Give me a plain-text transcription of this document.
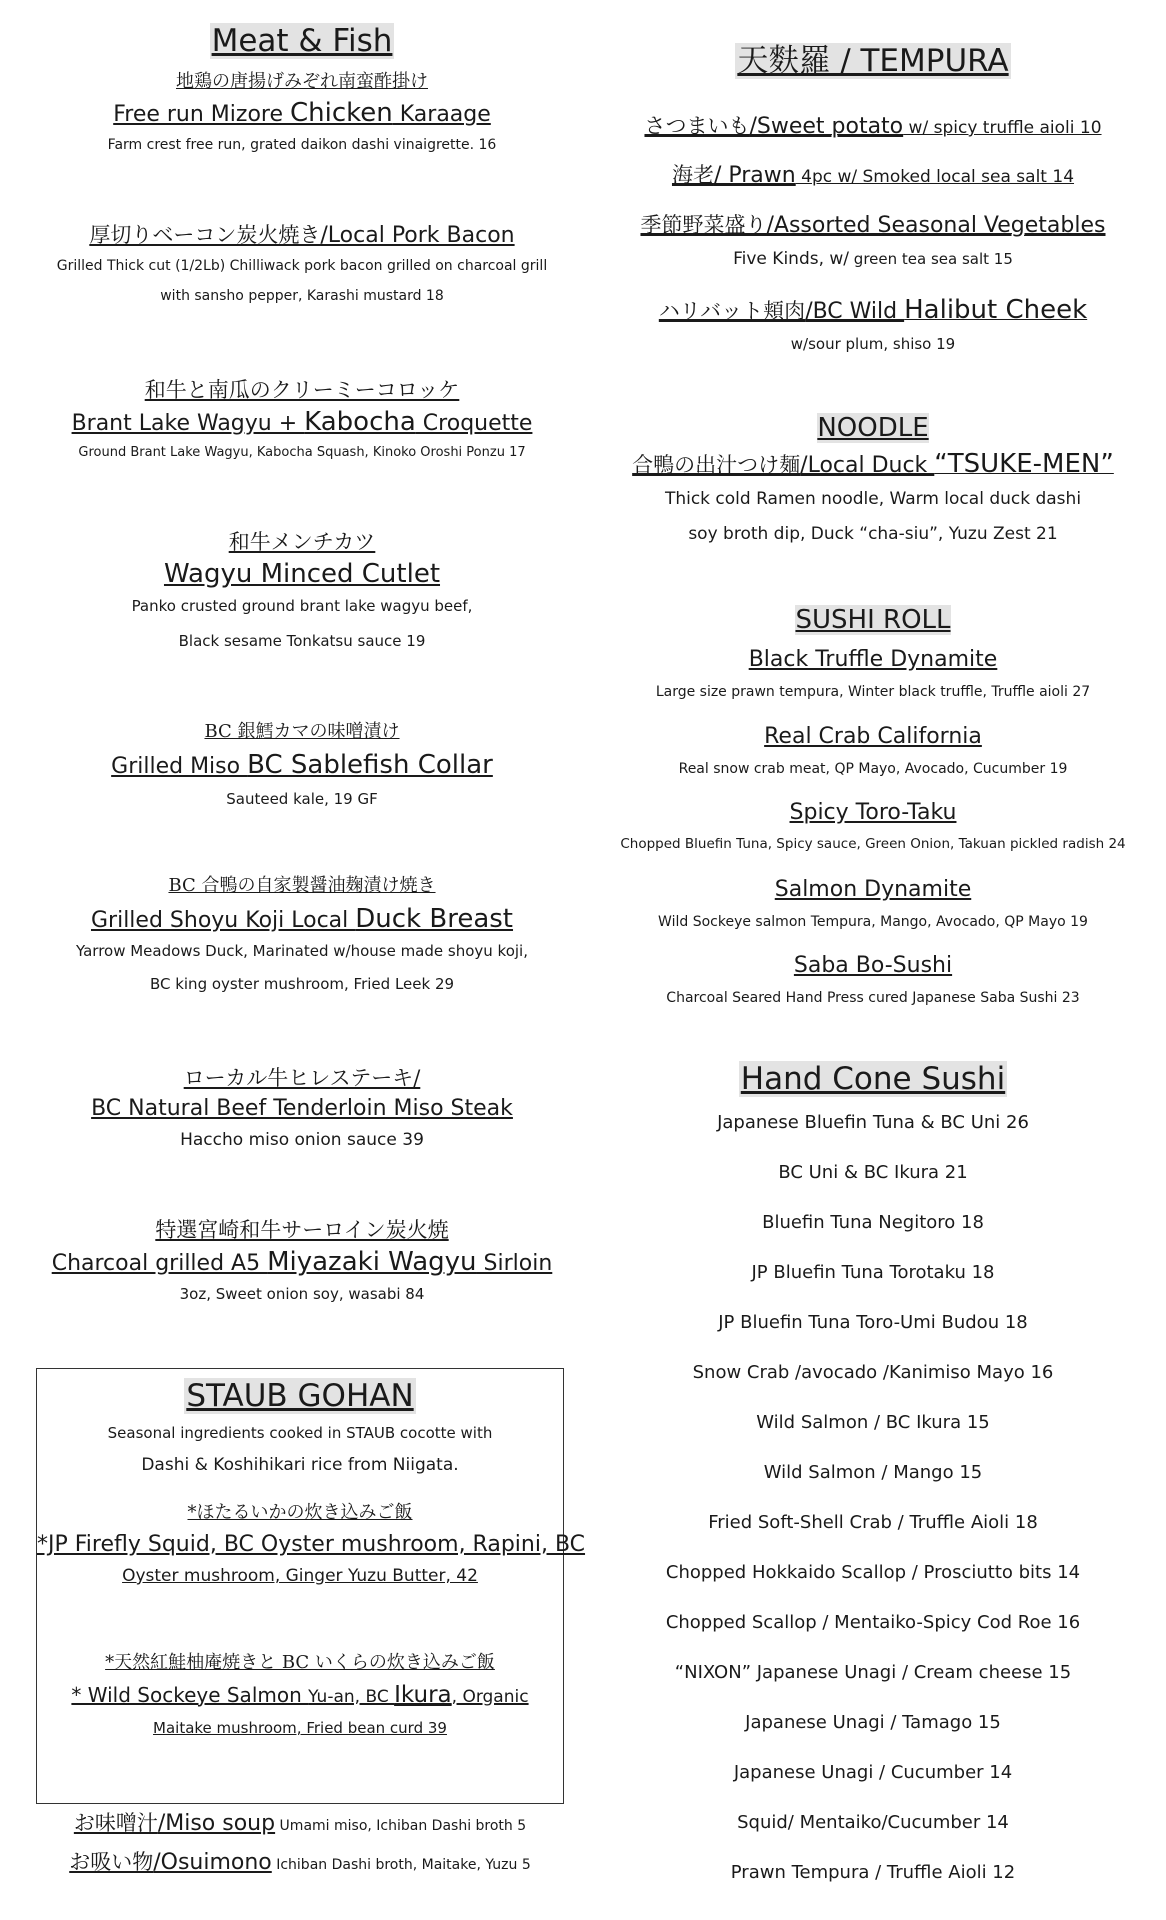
Meat & Fish
地鶏の唐揚げみぞれ南蛮酢掛け
Free run Mizore Chicken Karaage
Farm crest free run, grated daikon dashi vinaigrette. 16
厚切りベーコン炭火焼き/Local Pork Bacon
Grilled Thick cut (1/2Lb) Chilliwack pork bacon grilled on charcoal grill
with sansho pepper, Karashi mustard 18
和牛と南瓜のクリーミーコロッケ
Brant Lake Wagyu + Kabocha Croquette
Ground Brant Lake Wagyu, Kabocha Squash, Kinoko Oroshi Ponzu 17
和牛メンチカツ
Wagyu Minced Cutlet
Panko crusted ground brant lake wagyu beef,
Black sesame Tonkatsu sauce 19
BC 銀鱈カマの味噌漬け
Grilled Miso BC Sablefish Collar
Sauteed kale, 19 GF
BC 合鴨の自家製醤油麹漬け焼き
Grilled Shoyu Koji Local Duck Breast
Yarrow Meadows Duck, Marinated w/house made shoyu koji,
BC king oyster mushroom, Fried Leek 29
ローカル牛ヒレステーキ/
BC Natural Beef Tenderloin Miso Steak
Haccho miso onion sauce 39
特選宮崎和牛サーロイン炭火焼
Charcoal grilled A5 Miyazaki Wagyu Sirloin
3oz, Sweet onion soy, wasabi 84
STAUB GOHAN
Seasonal ingredients cooked in STAUB cocotte with
Dashi & Koshihikari rice from Niigata.
*ほたるいかの炊き込みご飯
*JP Firefly Squid, BC Oyster mushroom, Rapini, BC
Oyster mushroom, Ginger Yuzu Butter, 42
*天然紅鮭柚庵焼きと BC いくらの炊き込みご飯
* Wild Sockeye Salmon Yu-an, BC Ikura, Organic
Maitake mushroom, Fried bean curd 39
お味噌汁/Miso soup Umami miso, Ichiban Dashi broth 5
お吸い物/Osuimono Ichiban Dashi broth, Maitake, Yuzu 5
天麩羅 / TEMPURA
さつまいも/Sweet potato w/ spicy truffle aioli 10
海老/ Prawn 4pc w/ Smoked local sea salt 14
季節野菜盛り/Assorted Seasonal Vegetables
Five Kinds, w/ green tea sea salt 15
ハリバット頬肉/BC Wild Halibut Cheek
w/sour plum, shiso 19
NOODLE
合鴨の出汁つけ麺/Local Duck “TSUKE-MEN”
Thick cold Ramen noodle, Warm local duck dashi
soy broth dip, Duck “cha-siu”, Yuzu Zest 21
SUSHI ROLL
Black Truffle Dynamite
Large size prawn tempura, Winter black truffle, Truffle aioli 27
Real Crab California
Real snow crab meat, QP Mayo, Avocado, Cucumber 19
Spicy Toro-Taku
Chopped Bluefin Tuna, Spicy sauce, Green Onion, Takuan pickled radish 24
Salmon Dynamite
Wild Sockeye salmon Tempura, Mango, Avocado, QP Mayo 19
Saba Bo-Sushi
Charcoal Seared Hand Press cured Japanese Saba Sushi 23
Hand Cone Sushi
Japanese Bluefin Tuna & BC Uni 26
BC Uni & BC Ikura 21
Bluefin Tuna Negitoro 18
JP Bluefin Tuna Torotaku 18
JP Bluefin Tuna Toro-Umi Budou 18
Snow Crab /avocado /Kanimiso Mayo 16
Wild Salmon / BC Ikura 15
Wild Salmon / Mango 15
Fried Soft-Shell Crab / Truffle Aioli 18
Chopped Hokkaido Scallop / Prosciutto bits 14
Chopped Scallop / Mentaiko-Spicy Cod Roe 16
“NIXON” Japanese Unagi / Cream cheese 15
Japanese Unagi / Tamago 15
Japanese Unagi / Cucumber 14
Squid/ Mentaiko/Cucumber 14
Prawn Tempura / Truffle Aioli 12
